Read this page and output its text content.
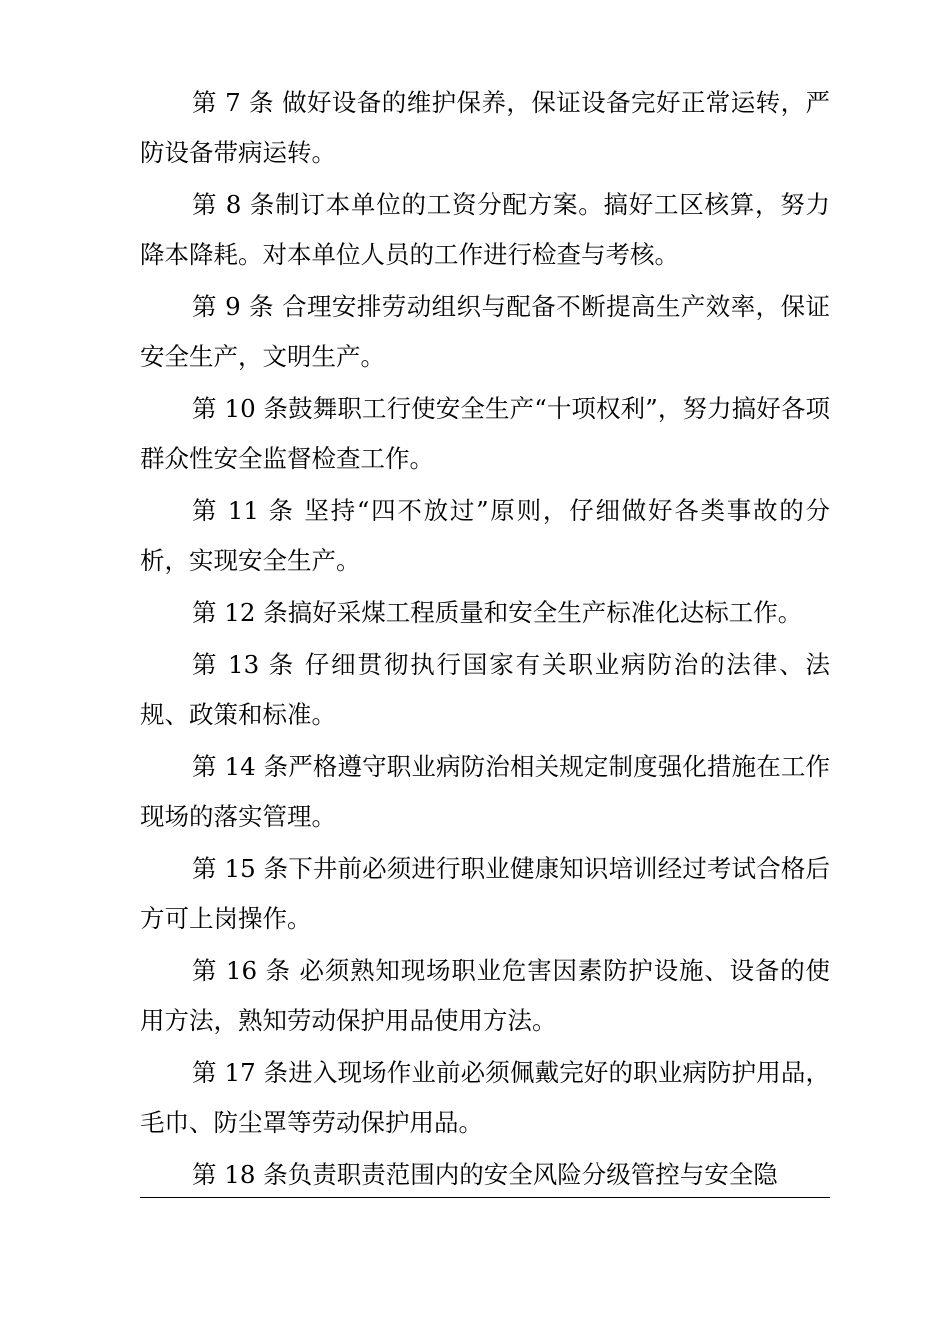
第 7 条 做好设备的维护保养，保证设备完好正常运转，严防设备带病运转。

第 8 条制订本单位的工资分配方案。搞好工区核算，努力降本降耗。对本单位人员的工作进行检查与考核。

第 9 条 合理安排劳动组织与配备不断提高生产效率，保证安全生产，文明生产。

第 10 条鼓舞职工行使安全生产“十项权利”，努力搞好各项群众性安全监督检查工作。

第 11 条 坚持“四不放过”原则，仔细做好各类事故的分析，实现安全生产。

第 12 条搞好采煤工程质量和安全生产标准化达标工作。

第 13 条 仔细贯彻执行国家有关职业病防治的法律、法规、政策和标准。

第 14 条严格遵守职业病防治相关规定制度强化措施在工作现场的落实管理。

第 15 条下井前必须进行职业健康知识培训经过考试合格后方可上岗操作。

第 16 条 必须熟知现场职业危害因素防护设施、设备的使用方法，熟知劳动保护用品使用方法。

第 17 条进入现场作业前必须佩戴完好的职业病防护用品，毛巾、防尘罩等劳动保护用品。

第 18 条负责职责范围内的安全风险分级管控与安全隐
